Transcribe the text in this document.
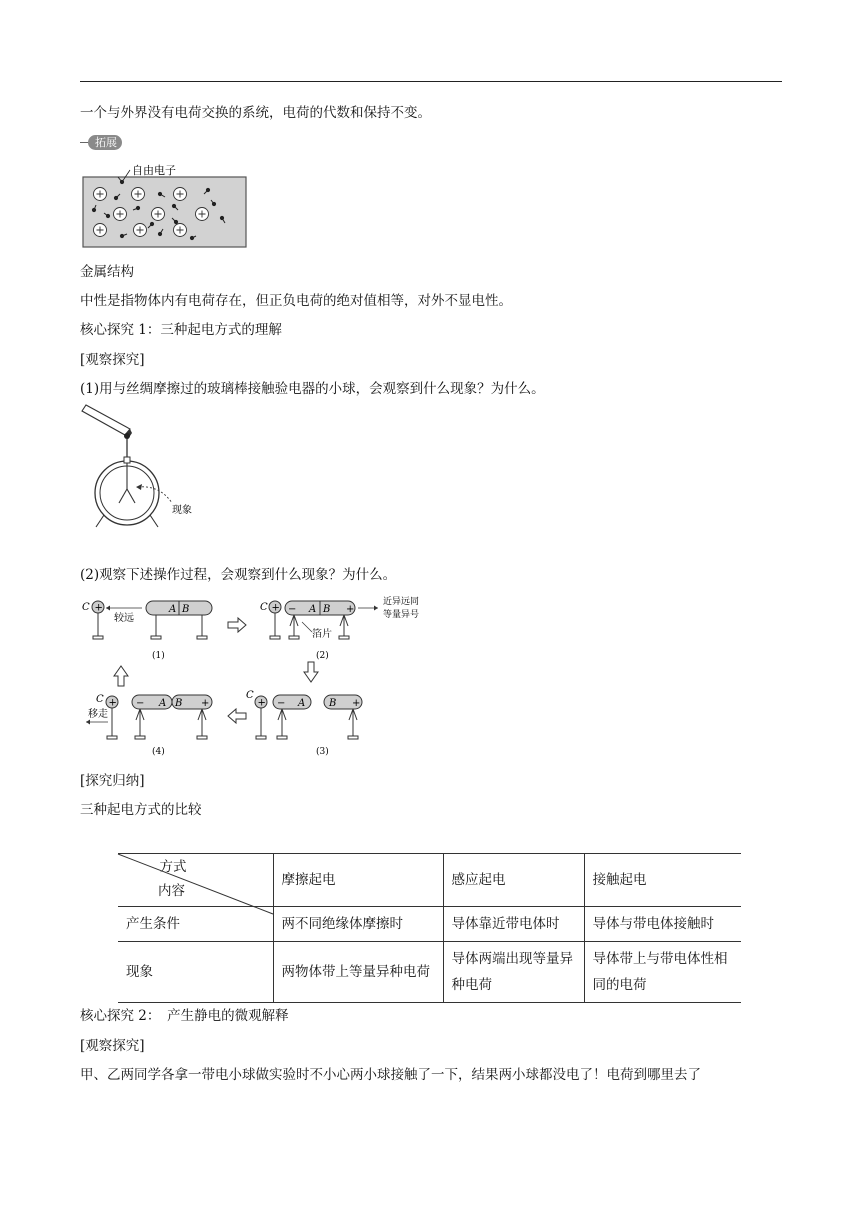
一个与外界没有电荷交换的系统，电荷的代数和保持不变。
拓展
自由电子
金属结构
中性是指物体内有电荷存在，但正负电荷的绝对值相等，对外不显电性。
核心探究 1：三种起电方式的理解
[观察探究]
(1)用与丝绸摩擦过的玻璃棒接触验电器的小球，会观察到什么现象？为什么。
现象
(2)观察下述操作过程，会观察到什么现象？为什么。
C +
较远
A B
(1)
C + − A B +
箔片
近异远同
等量异号
(2)
C +
移走
− A B +
(4)
C
+ − A B +
(3)
[探究归纳]
三种起电方式的比较
方式
内容	摩擦起电	感应起电	接触起电
产生条件	两不同绝缘体摩擦时	导体靠近带电体时	导体与带电体接触时
现象	两物体带上等量异种电荷	导体两端出现等量异种电荷	导体带上与带电体性相同的电荷
核心探究 2：　产生静电的微观解释
[观察探究]
甲、乙两同学各拿一带电小球做实验时不小心两小球接触了一下，结果两小球都没电了！电荷到哪里去了
